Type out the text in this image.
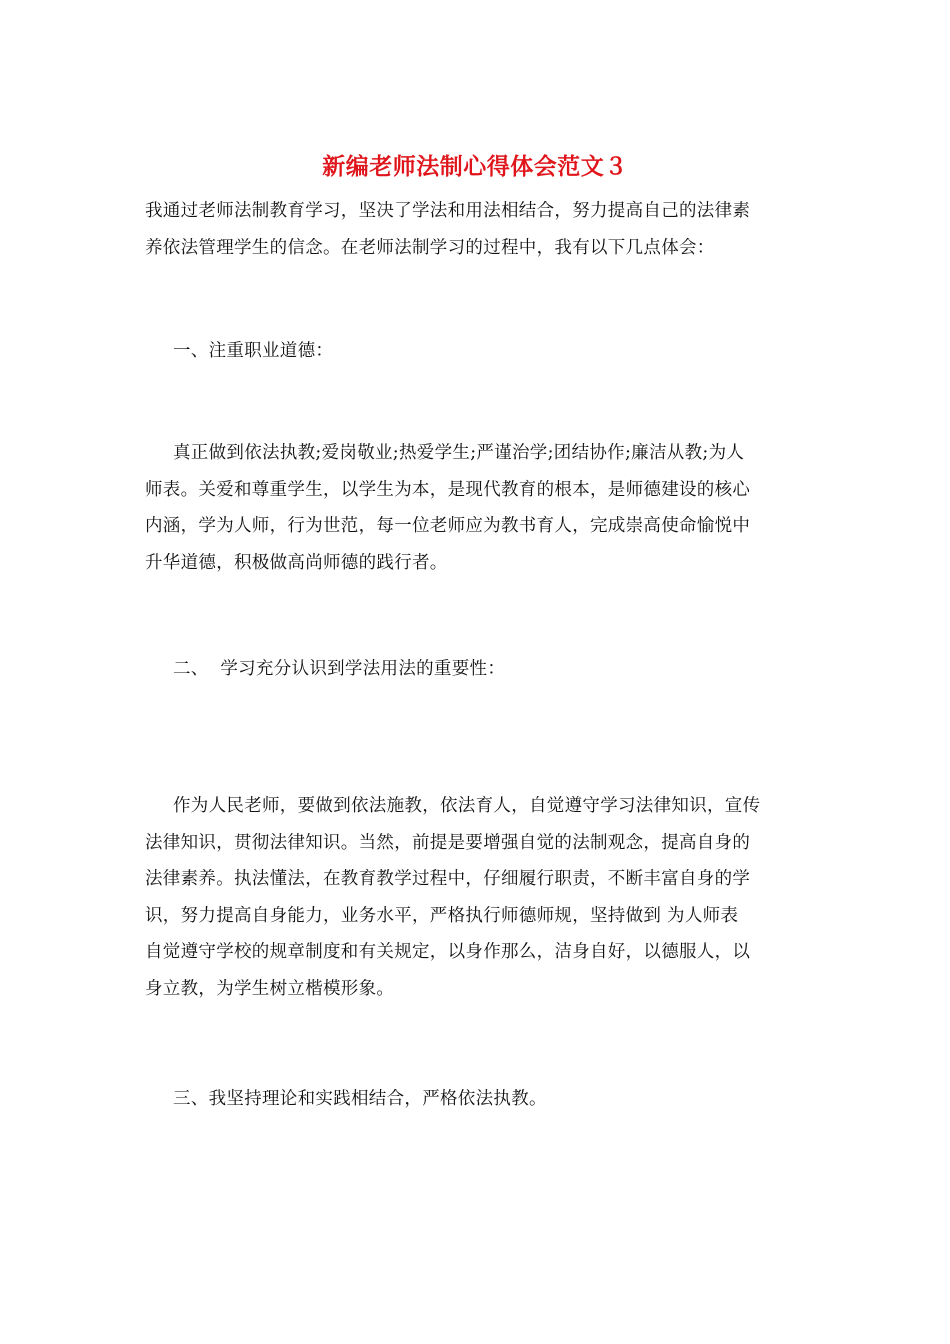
新编老师法制心得体会范文３
我通过老师法制教育学习，坚决了学法和用法相结合，努力提高自己的法律素
养依法管理学生的信念。在老师法制学习的过程中，我有以下几点体会：
一、注重职业道德：
真正做到依法执教;爱岗敬业;热爱学生;严谨治学;团结协作;廉洁从教;为人
师表。关爱和尊重学生，以学生为本，是现代教育的根本，是师德建设的核心
内涵，学为人师，行为世范，每一位老师应为教书育人，完成崇高使命愉悦中
升华道德，积极做高尚师德的践行者。
二、  学习充分认识到学法用法的重要性：
作为人民老师，要做到依法施教，依法育人，自觉遵守学习法律知识，宣传
法律知识，贯彻法律知识。当然，前提是要增强自觉的法制观念，提高自身的
法律素养。执法懂法，在教育教学过程中，仔细履行职责，不断丰富自身的学
识，努力提高自身能力，业务水平，严格执行师德师规，坚持做到 为人师表
自觉遵守学校的规章制度和有关规定，以身作那么，洁身自好，以德服人，以
身立教，为学生树立楷模形象。
三、我坚持理论和实践相结合，严格依法执教。
